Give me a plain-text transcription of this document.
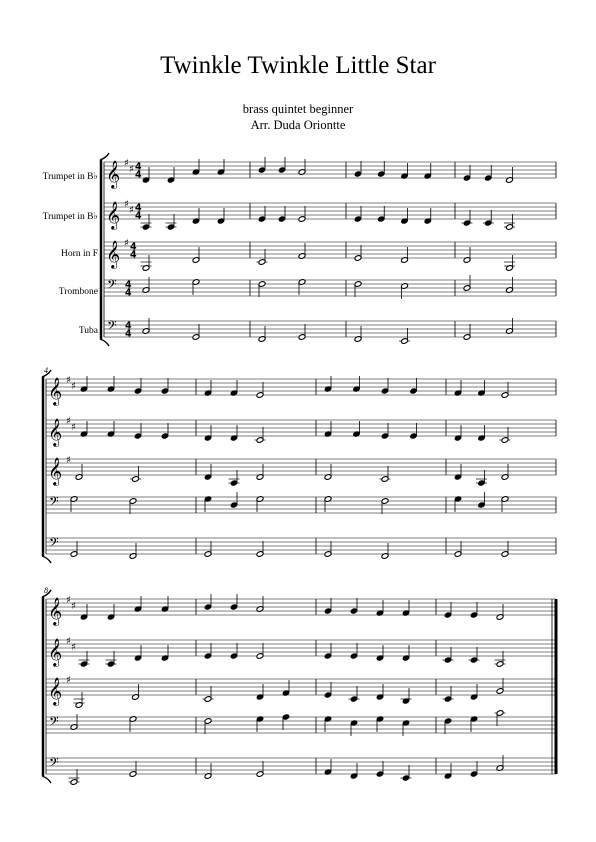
Twinkle Twinkle Little Star
brass quintet beginner
Arr. Duda Oriontte
Trumpet in B♭
Trumpet in B♭
Horn in F
Trombone
Tuba
𝄞 ♯
♯ 4
4
𝄞 ♯
♯ 4
4
𝄞 ♯ 4
4
𝄢 4
4
𝄢 4
4
4
𝄞 ♯
♯
𝄞 ♯
♯
𝄞 ♯
𝄢
𝄢
8
𝄞 ♯
♯
𝄞 ♯
♯
𝄞 ♯
𝄢
𝄢
